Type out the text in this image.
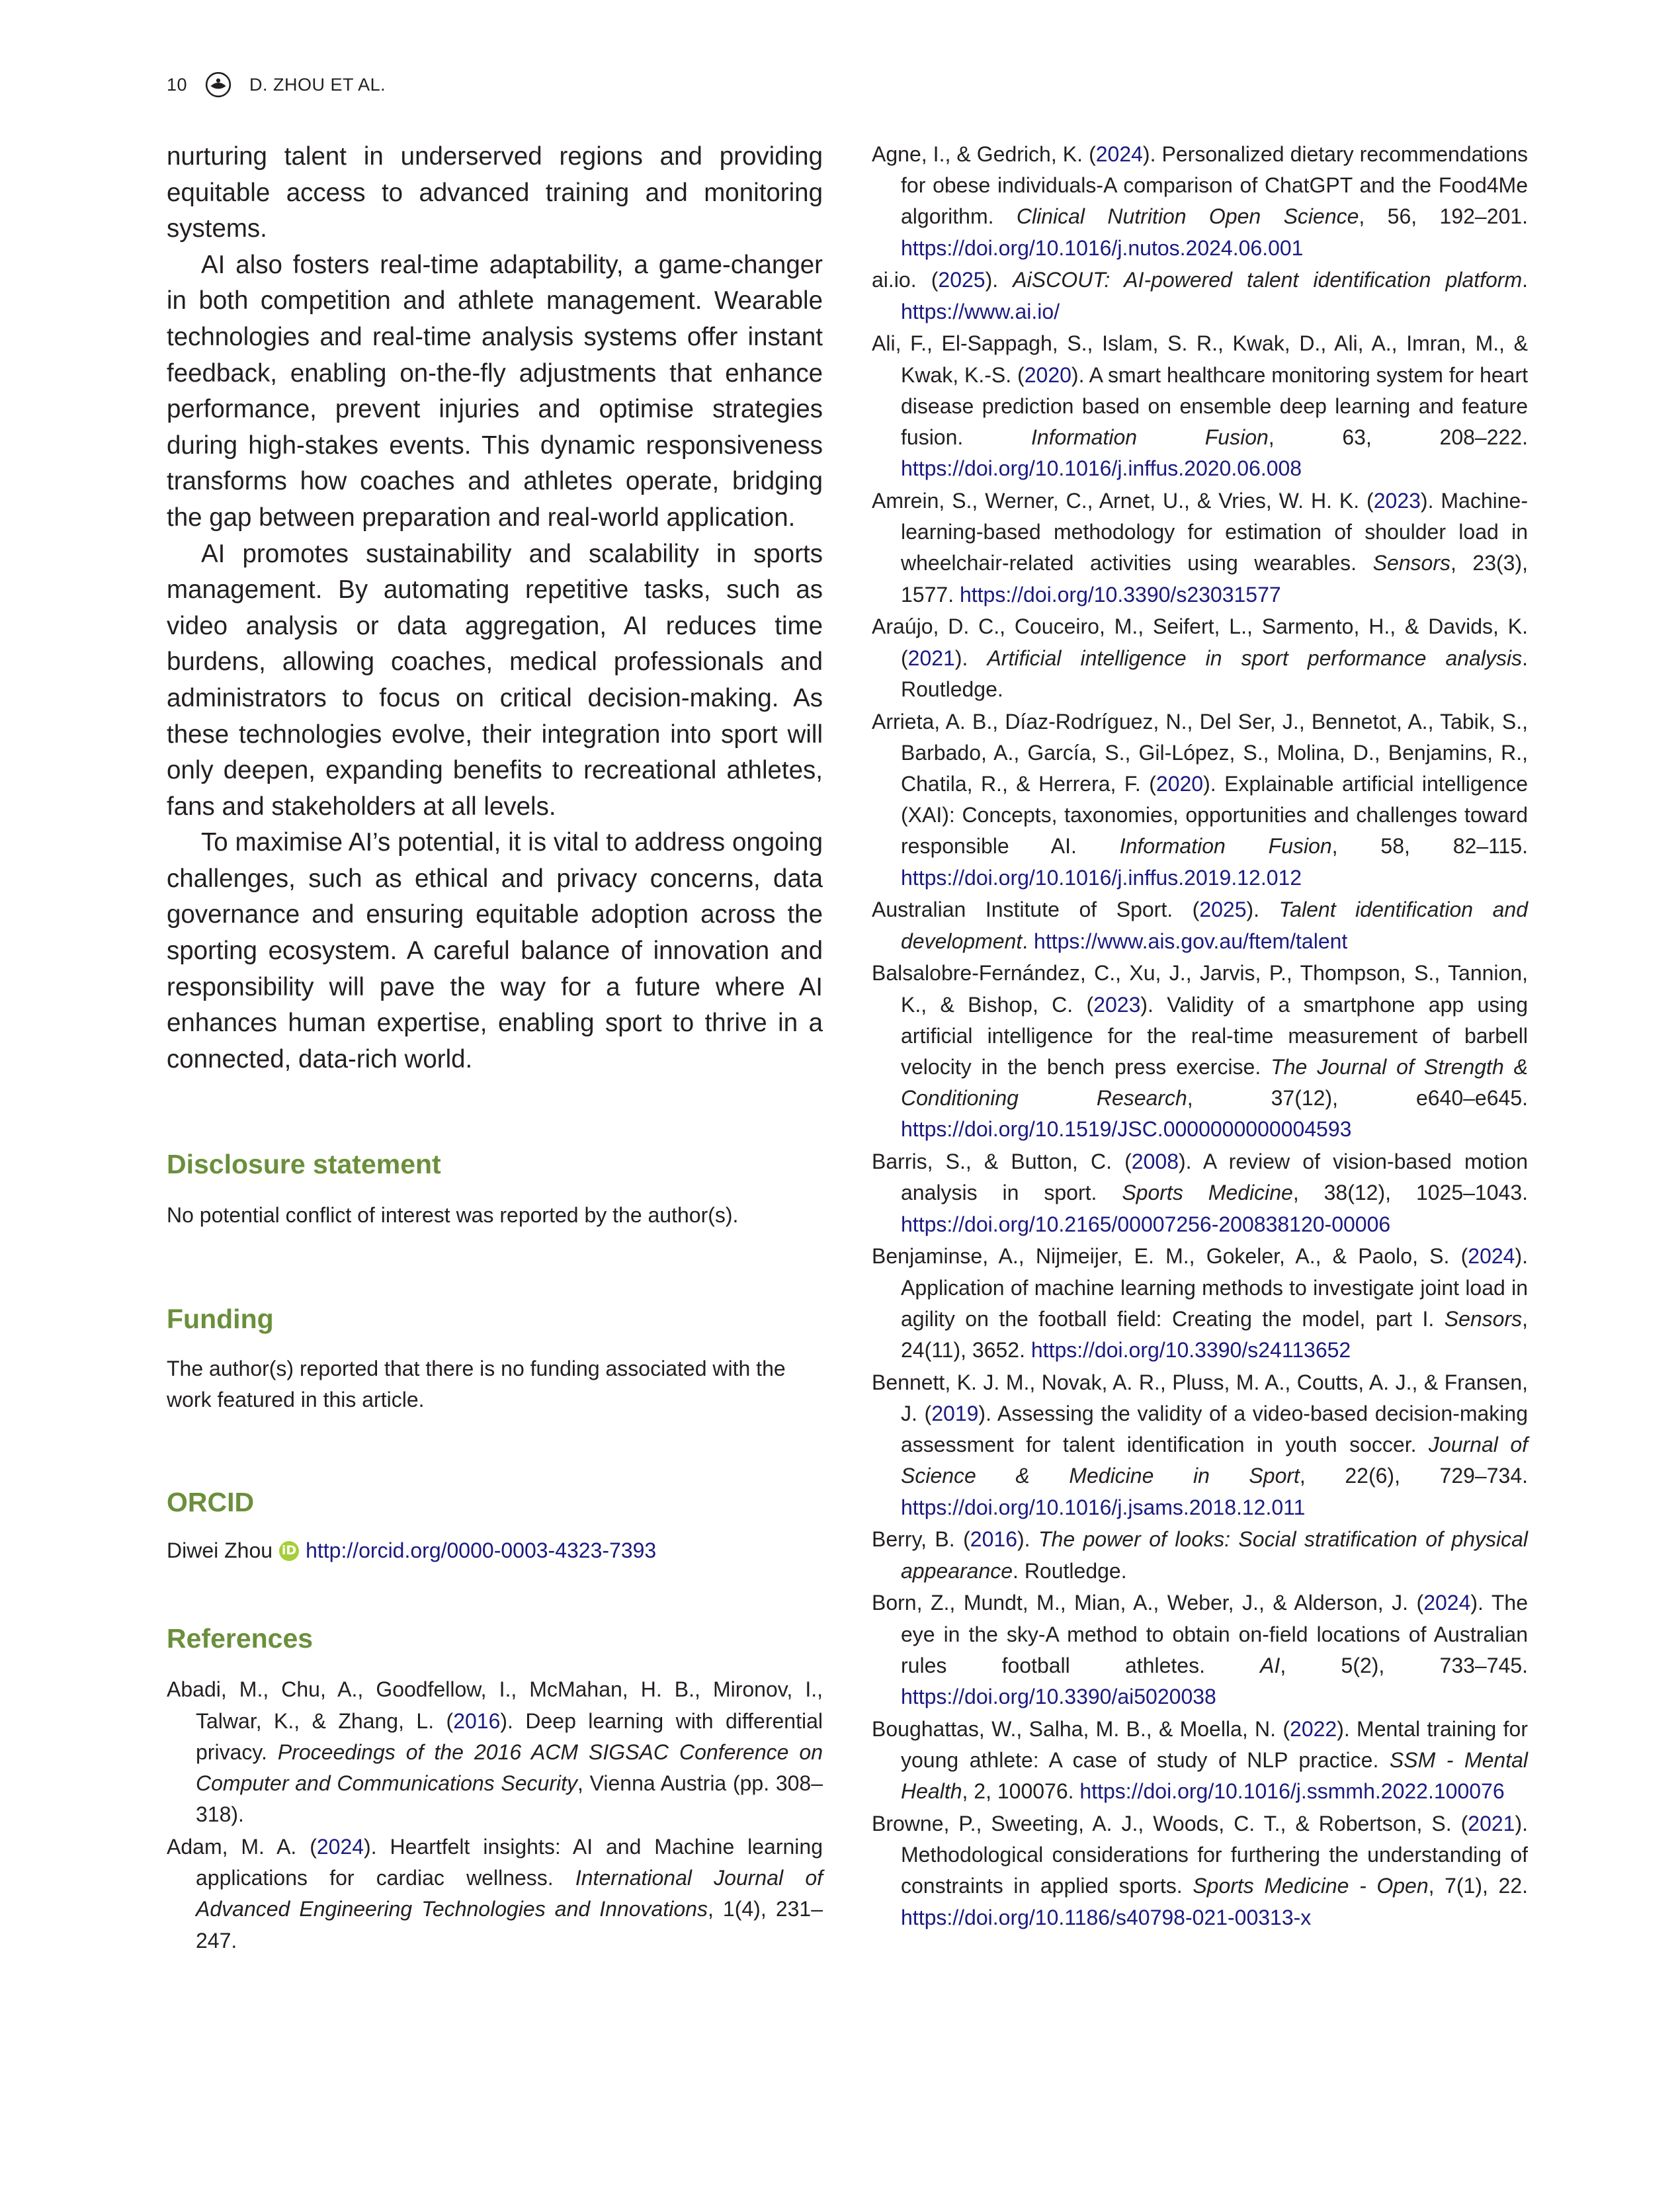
10	D. ZHOU ET AL.

nurturing talent in underserved regions and providing equitable access to advanced training and monitoring systems.

AI also fosters real-time adaptability, a game-changer in both competition and athlete management. Wearable technologies and real-time analysis systems offer instant feedback, enabling on-the-fly adjustments that enhance performance, prevent injuries and optimise strategies during high-stakes events. This dynamic responsiveness transforms how coaches and athletes operate, bridging the gap between preparation and real-world application.

AI promotes sustainability and scalability in sports management. By automating repetitive tasks, such as video analysis or data aggregation, AI reduces time burdens, allowing coaches, medical professionals and administrators to focus on critical decision-making. As these technologies evolve, their integration into sport will only deepen, expanding benefits to recreational athletes, fans and stakeholders at all levels.

To maximise AI’s potential, it is vital to address ongoing challenges, such as ethical and privacy concerns, data governance and ensuring equitable adoption across the sporting ecosystem. A careful balance of innovation and responsibility will pave the way for a future where AI enhances human expertise, enabling sport to thrive in a connected, data-rich world.

Disclosure statement

No potential conflict of interest was reported by the author(s).

Funding

The author(s) reported that there is no funding associated with the work featured in this article.

ORCID
Diwei Zhou iD http://orcid.org/0000-0003-4323-7393
References

Abadi, M., Chu, A., Goodfellow, I., McMahan, H. B., Mironov, I., Talwar, K., & Zhang, L. (2016). Deep learning with differential privacy. Proceedings of the 2016 ACM SIGSAC Conference on Computer and Communications Security, Vienna Austria (pp. 308–318).

Adam, M. A. (2024). Heartfelt insights: AI and Machine learning applications for cardiac wellness. International Journal of Advanced Engineering Technologies and Innovations, 1(4), 231–247.

Agne, I., & Gedrich, K. (2024). Personalized dietary recommendations for obese individuals-A comparison of ChatGPT and the Food4Me algorithm. Clinical Nutrition Open Science, 56, 192–201. https://doi.org/10.1016/j.nutos.2024.06.001

ai.io. (2025). AiSCOUT: AI-powered talent identification platform. https://www.ai.io/

Ali, F., El-Sappagh, S., Islam, S. R., Kwak, D., Ali, A., Imran, M., & Kwak, K.-S. (2020). A smart healthcare monitoring system for heart disease prediction based on ensemble deep learning and feature fusion. Information Fusion, 63, 208–222. https://doi.org/10.1016/j.inffus.2020.06.008

Amrein, S., Werner, C., Arnet, U., & Vries, W. H. K. (2023). Machine-learning-based methodology for estimation of shoulder load in wheelchair-related activities using wearables. Sensors, 23(3), 1577. https://doi.org/10.3390/s23031577

Araújo, D. C., Couceiro, M., Seifert, L., Sarmento, H., & Davids, K. (2021). Artificial intelligence in sport performance analysis. Routledge.

Arrieta, A. B., Díaz-Rodríguez, N., Del Ser, J., Bennetot, A., Tabik, S., Barbado, A., García, S., Gil-López, S., Molina, D., Benjamins, R., Chatila, R., & Herrera, F. (2020). Explainable artificial intelligence (XAI): Concepts, taxonomies, opportunities and challenges toward responsible AI. Information Fusion, 58, 82–115. https://doi.org/10.1016/j.inffus.2019.12.012

Australian Institute of Sport. (2025). Talent identification and development. https://www.ais.gov.au/ftem/talent

Balsalobre-Fernández, C., Xu, J., Jarvis, P., Thompson, S., Tannion, K., & Bishop, C. (2023). Validity of a smartphone app using artificial intelligence for the real-time measurement of barbell velocity in the bench press exercise. The Journal of Strength & Conditioning Research, 37(12), e640–e645. https://doi.org/10.1519/JSC.0000000000004593

Barris, S., & Button, C. (2008). A review of vision-based motion analysis in sport. Sports Medicine, 38(12), 1025–1043. https://doi.org/10.2165/00007256-200838120-00006

Benjaminse, A., Nijmeijer, E. M., Gokeler, A., & Paolo, S. (2024). Application of machine learning methods to investigate joint load in agility on the football field: Creating the model, part I. Sensors, 24(11), 3652. https://doi.org/10.3390/s24113652

Bennett, K. J. M., Novak, A. R., Pluss, M. A., Coutts, A. J., & Fransen, J. (2019). Assessing the validity of a video-based decision-making assessment for talent identification in youth soccer. Journal of Science & Medicine in Sport, 22(6), 729–734. https://doi.org/10.1016/j.jsams.2018.12.011

Berry, B. (2016). The power of looks: Social stratification of physical appearance. Routledge.

Born, Z., Mundt, M., Mian, A., Weber, J., & Alderson, J. (2024). The eye in the sky-A method to obtain on-field locations of Australian rules football athletes. AI, 5(2), 733–745. https://doi.org/10.3390/ai5020038

Boughattas, W., Salha, M. B., & Moella, N. (2022). Mental training for young athlete: A case of study of NLP practice. SSM - Mental Health, 2, 100076. https://doi.org/10.1016/j.ssmmh.2022.100076

Browne, P., Sweeting, A. J., Woods, C. T., & Robertson, S. (2021). Methodological considerations for furthering the understanding of constraints in applied sports. Sports Medicine - Open, 7(1), 22. https://doi.org/10.1186/s40798-021-00313-x
